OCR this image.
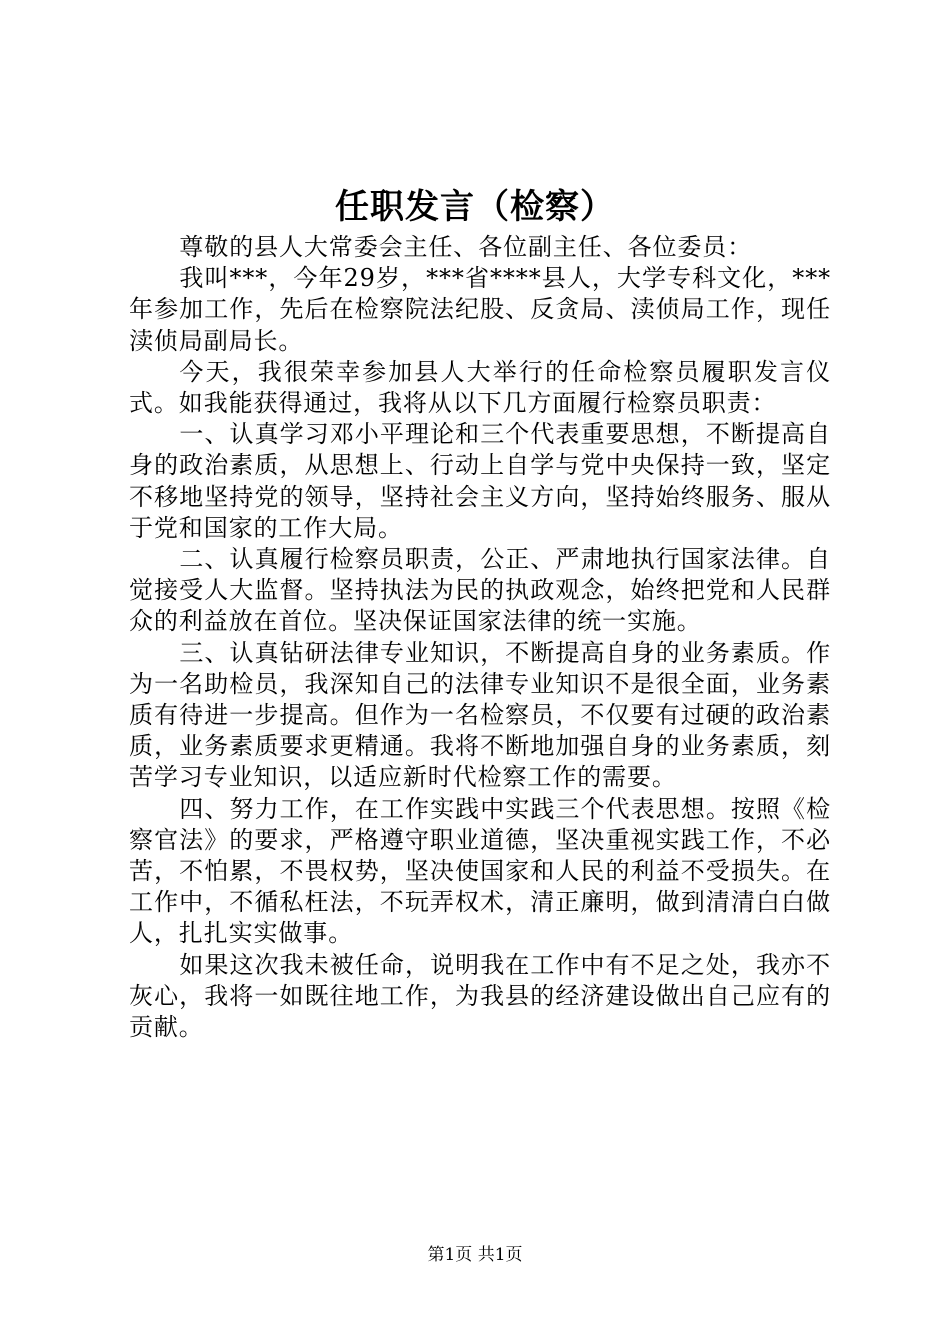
任职发言（检察）

尊敬的县人大常委会主任、各位副主任、各位委员：

我叫***，今年29岁，***省****县人，大学专科文化，***年参加工作，先后在检察院法纪股、反贪局、渎侦局工作，现任渎侦局副局长。

今天，我很荣幸参加县人大举行的任命检察员履职发言仪式。如我能获得通过，我将从以下几方面履行检察员职责：

一、认真学习邓小平理论和三个代表重要思想，不断提高自身的政治素质，从思想上、行动上自学与党中央保持一致，坚定不移地坚持党的领导，坚持社会主义方向，坚持始终服务、服从于党和国家的工作大局。

二、认真履行检察员职责，公正、严肃地执行国家法律。自觉接受人大监督。坚持执法为民的执政观念，始终把党和人民群众的利益放在首位。坚决保证国家法律的统一实施。

三、认真钻研法律专业知识，不断提高自身的业务素质。作为一名助检员，我深知自己的法律专业知识不是很全面，业务素质有待进一步提高。但作为一名检察员，不仅要有过硬的政治素质，业务素质要求更精通。我将不断地加强自身的业务素质，刻苦学习专业知识，以适应新时代检察工作的需要。

四、努力工作，在工作实践中实践三个代表思想。按照《检察官法》的要求，严格遵守职业道德，坚决重视实践工作，不必苦，不怕累，不畏权势，坚决使国家和人民的利益不受损失。在工作中，不循私枉法，不玩弄权术，清正廉明，做到清清白白做人，扎扎实实做事。

如果这次我未被任命，说明我在工作中有不足之处，我亦不灰心，我将一如既往地工作，为我县的经济建设做出自己应有的贡献。

第1页 共1页
